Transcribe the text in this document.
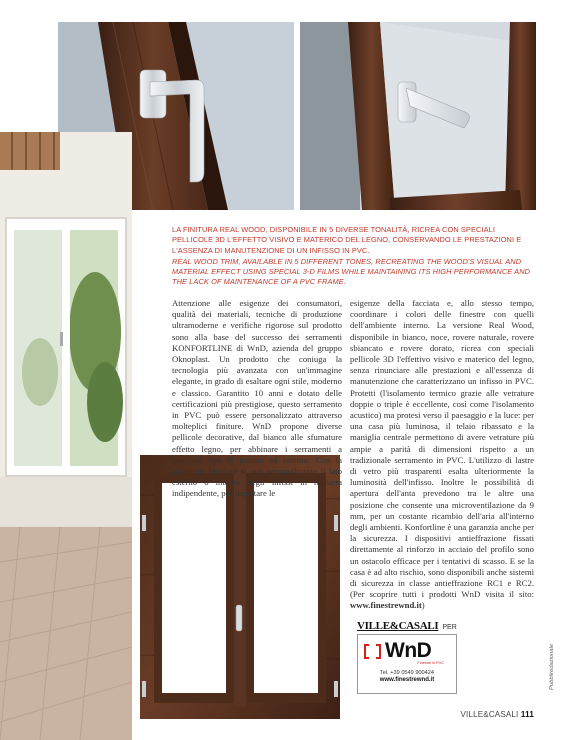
LA FINITURA REAL WOOD, DISPONIBILE IN 5 DIVERSE TONALITÀ, RICREA CON SPECIALI PELLICOLE 3D L'EFFETTO VISIVO E MATERICO DEL LEGNO, CONSERVANDO LE PRESTAZIONI E L'ASSENZA DI MANUTENZIONE DI UN INFISSO IN PVC.

REAL WOOD TRIM, AVAILABLE IN 5 DIFFERENT TONES, RECREATING THE WOOD'S VISUAL AND MATERIAL EFFECT USING SPECIAL 3-D FILMS WHILE MAINTAINING ITS HIGH PERFORMANCE AND THE LACK OF MAINTENANCE OF A PVC FRAME.

Attenzione alle esigenze dei consumatori, qualità dei materiali, tecniche di produzione ultramoderne e verifiche rigorose sul prodotto sono alla base del successo dei serramenti KONFORTLINE di WnD, azienda del gruppo Oknoplast. Un prodotto che coniuga la tecnologia più avanzata con un'immagine elegante, in grado di esaltare ogni stile, moderno e classico. Garantito 10 anni e dotato delle certificazioni più prestigiose, questo serramento in PVC può essere personalizzato attraverso molteplici finiture. WnD propone diverse pellicole decorative, dal bianco alle sfumature effetto legno, per abbinare i serramenti a qualsiasi tipo di interno ed esterno. Con la soluzione bicolore si può personalizzare il lato esterno o interno degli infissi in maniera indipendente, per rispettare le

esigenze della facciata e, allo stesso tempo, coordinare i colori delle finestre con quelli dell'ambiente interno. La versione Real Wood, disponibile in bianco, noce, rovere naturale, rovere sbiancato e rovere dorato, ricrea con speciali pellicole 3D l'effettivo visivo e materico del legno, senza rinunciare alle prestazioni e all'essenza di manutenzione che caratterizzano un infisso in PVC. Protetti (l'isolamento termico grazie alle vetrature doppie o triple è eccellente, così come l'isolamento acustico) ma protesi verso il paesaggio e la luce: per una casa più luminosa, il telaio ribassato e la maniglia centrale permettono di avere vetrature più ampie a parità di dimensioni rispetto a un tradizionale serramento in PVC. L'utilizzo di lastre di vetro più trasparenti esalta ulteriormente la luminosità dell'infisso. Inoltre le possibilità di apertura dell'anta prevedono tra le altre una posizione che consente una microventilazione da 9 mm, per un costante ricambio dell'aria all'interno degli ambienti. Konfortline è una garanzia anche per la sicurezza. I dispositivi antieffrazione fissati direttamente al rinforzo in acciaio del profilo sono un ostacolo efficace per i tentativi di scasso. E se la casa è ad alto rischio, sono disponibili anche sistemi di sicurezza in classe antieffrazione RC1 e RC2. (Per scoprire tutti i prodotti WnD visita il sito: www.finestrewnd.it)

VILLE&CASALI PER
WnD
Finestre in PVC
Tel. +39 0549 900424
www.finestrewnd.it	Pubbliredazionale
VILLE&CASALI 111
